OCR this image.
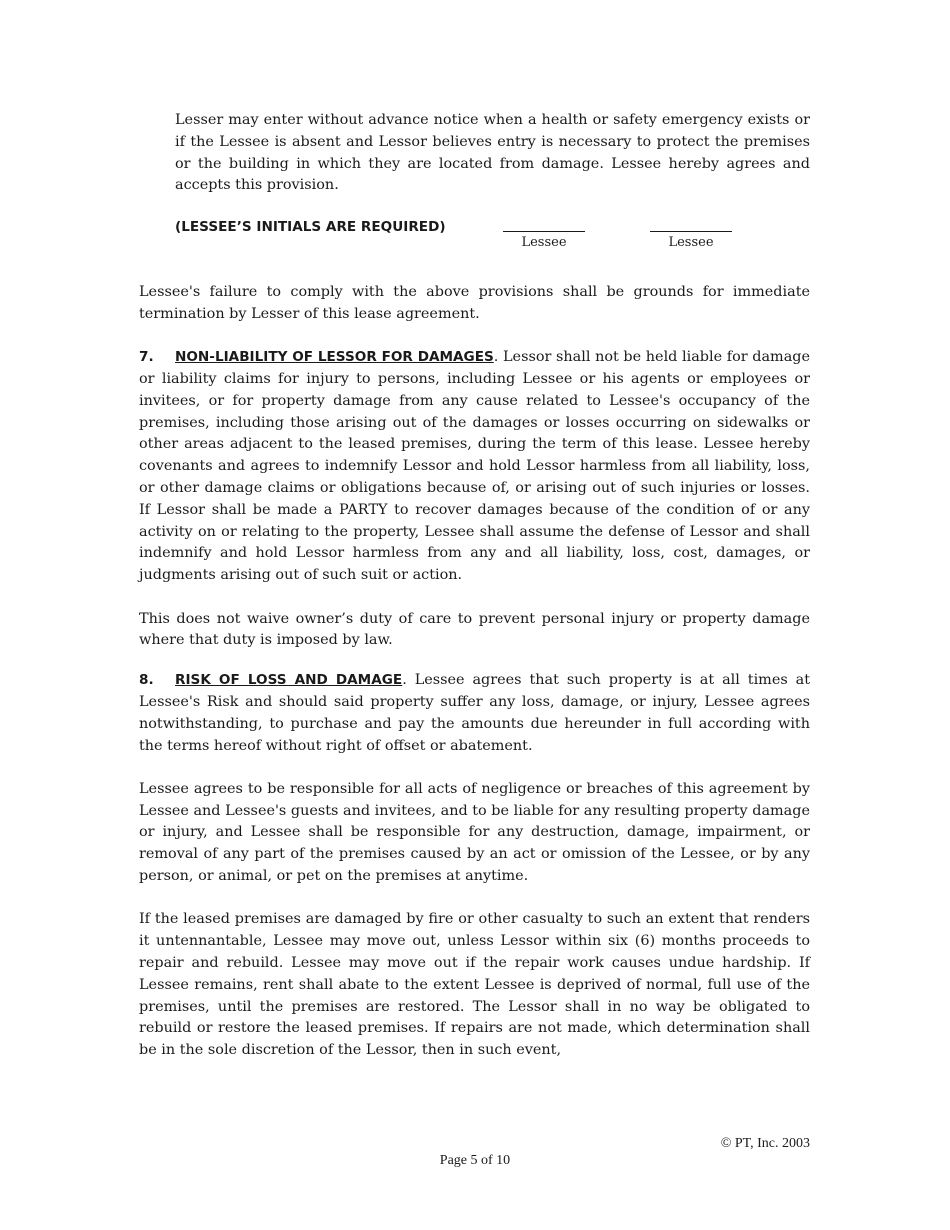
Lesser may enter without advance notice when a health or safety emergency exists or if the Lessee is absent and Lessor believes entry is necessary to protect the premises or the building in which they are located from damage. Lessee hereby agrees and accepts this provision.

(LESSEE’S INITIALS ARE REQUIRED)
Lessee	Lessee

Lessee's failure to comply with the above provisions shall be grounds for immediate termination by Lesser of this lease agreement.

7. NON-LIABILITY OF LESSOR FOR DAMAGES. Lessor shall not be held liable for damage or liability claims for injury to persons, including Lessee or his agents or employees or invitees, or for property damage from any cause related to Lessee's occupancy of the premises, including those arising out of the damages or losses occurring on sidewalks or other areas adjacent to the leased premises, during the term of this lease. Lessee hereby covenants and agrees to indemnify Lessor and hold Lessor harmless from all liability, loss, or other damage claims or obligations because of, or arising out of such injuries or losses. If Lessor shall be made a PARTY to recover damages because of the condition of or any activity on or relating to the property, Lessee shall assume the defense of Lessor and shall indemnify and hold Lessor harmless from any and all liability, loss, cost, damages, or judgments arising out of such suit or action.

This does not waive owner’s duty of care to prevent personal injury or property damage where that duty is imposed by law.

8. RISK OF LOSS AND DAMAGE. Lessee agrees that such property is at all times at Lessee's Risk and should said property suffer any loss, damage, or injury, Lessee agrees notwithstanding, to purchase and pay the amounts due hereunder in full according with the terms hereof without right of offset or abatement.

Lessee agrees to be responsible for all acts of negligence or breaches of this agreement by Lessee and Lessee's guests and invitees, and to be liable for any resulting property damage or injury, and Lessee shall be responsible for any destruction, damage, impairment, or removal of any part of the premises caused by an act or omission of the Lessee, or by any person, or animal, or pet on the premises at anytime.

If the leased premises are damaged by fire or other casualty to such an extent that renders it untennantable, Lessee may move out, unless Lessor within six (6) months proceeds to repair and rebuild. Lessee may move out if the repair work causes undue hardship. If Lessee remains, rent shall abate to the extent Lessee is deprived of normal, full use of the premises, until the premises are restored. The Lessor shall in no way be obligated to rebuild or restore the leased premises. If repairs are not made, which determination shall be in the sole discretion of the Lessor, then in such event,

© PT, Inc. 2003
Page 5 of 10
